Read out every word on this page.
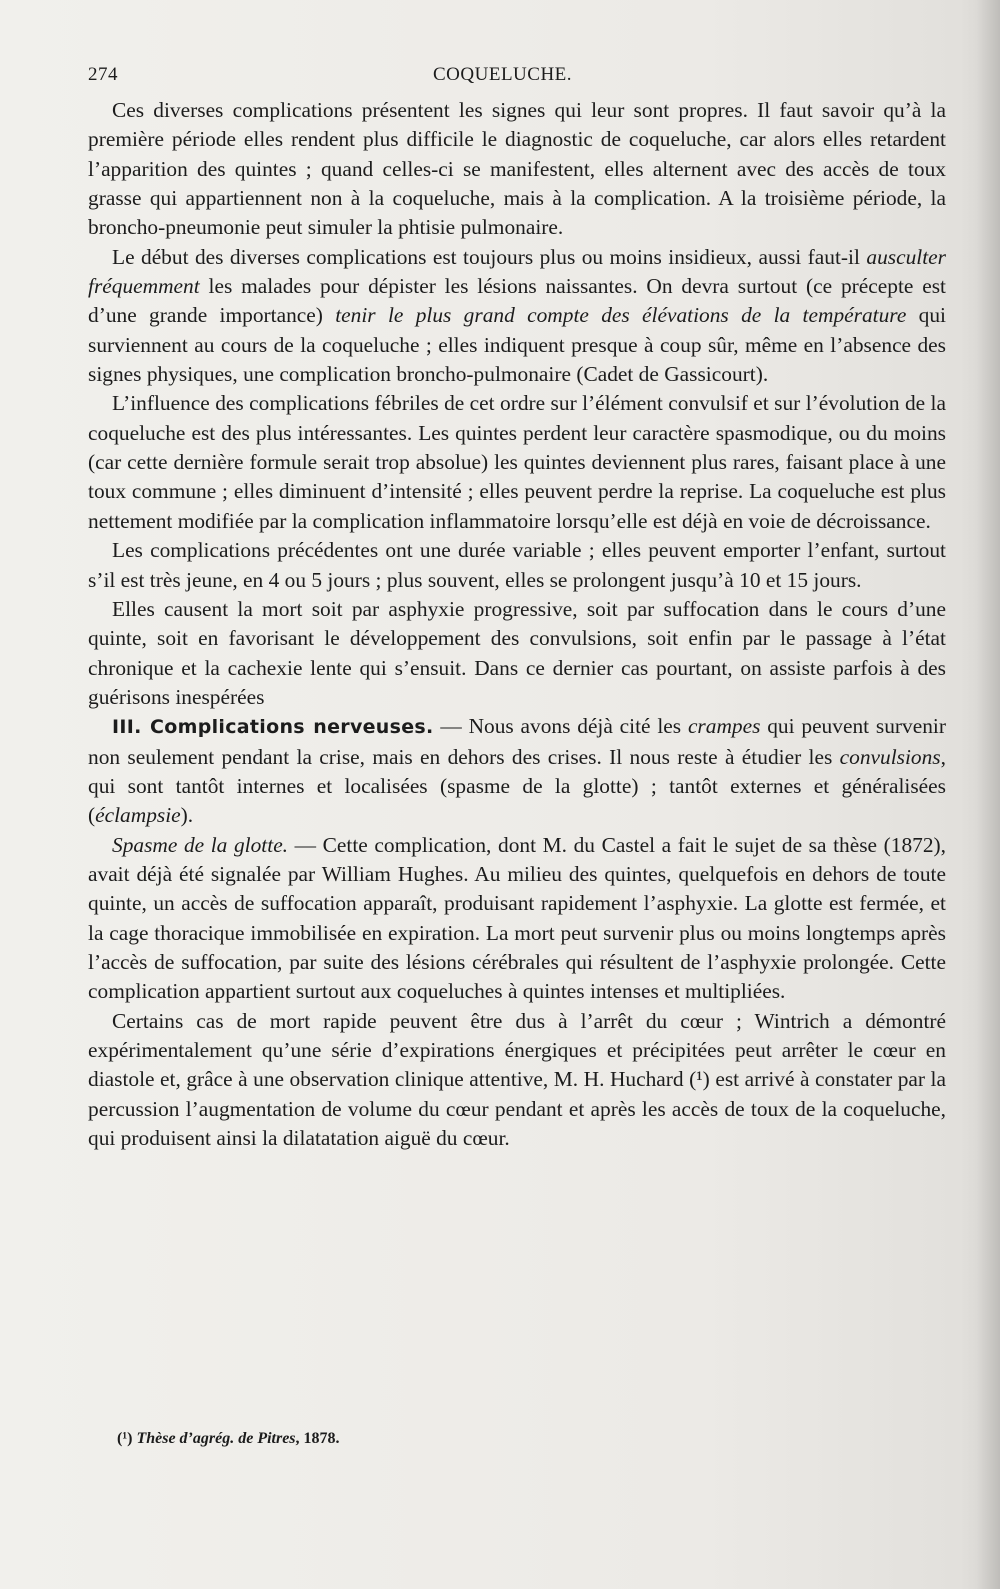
274	COQUELUCHE.

Ces diverses complications présentent les signes qui leur sont propres. Il faut savoir qu’à la première période elles rendent plus difficile le diagnostic de coqueluche, car alors elles retardent l’apparition des quintes ; quand celles-ci se manifestent, elles alternent avec des accès de toux grasse qui appartiennent non à la coqueluche, mais à la complication. A la troisième période, la broncho-pneumonie peut simuler la phtisie pulmonaire.

Le début des diverses complications est toujours plus ou moins insidieux, aussi faut-il ausculter fréquemment les malades pour dépister les lésions naissantes. On devra surtout (ce précepte est d’une grande importance) tenir le plus grand compte des élévations de la température qui surviennent au cours de la coqueluche ; elles indiquent presque à coup sûr, même en l’absence des signes physiques, une complication broncho-pulmonaire (Cadet de Gassicourt).

L’influence des complications fébriles de cet ordre sur l’élément convulsif et sur l’évolution de la coqueluche est des plus intéressantes. Les quintes perdent leur caractère spasmodique, ou du moins (car cette dernière formule serait trop absolue) les quintes deviennent plus rares, faisant place à une toux commune ; elles diminuent d’intensité ; elles peuvent perdre la reprise. La coqueluche est plus nettement modifiée par la complication inflammatoire lorsqu’elle est déjà en voie de décroissance.

Les complications précédentes ont une durée variable ; elles peuvent emporter l’enfant, surtout s’il est très jeune, en 4 ou 5 jours ; plus souvent, elles se prolongent jusqu’à 10 et 15 jours.

Elles causent la mort soit par asphyxie progressive, soit par suffocation dans le cours d’une quinte, soit en favorisant le développement des convulsions, soit enfin par le passage à l’état chronique et la cachexie lente qui s’ensuit. Dans ce dernier cas pourtant, on assiste parfois à des guérisons inespérées

III. Complications nerveuses. — Nous avons déjà cité les crampes qui peuvent survenir non seulement pendant la crise, mais en dehors des crises. Il nous reste à étudier les convulsions, qui sont tantôt internes et localisées (spasme de la glotte) ; tantôt externes et généralisées (éclampsie).

Spasme de la glotte. — Cette complication, dont M. du Castel a fait le sujet de sa thèse (1872), avait déjà été signalée par William Hughes. Au milieu des quintes, quelquefois en dehors de toute quinte, un accès de suffocation apparaît, produisant rapidement l’asphyxie. La glotte est fermée, et la cage thoracique immobilisée en expiration. La mort peut survenir plus ou moins longtemps après l’accès de suffocation, par suite des lésions cérébrales qui résultent de l’asphyxie prolongée. Cette complication appartient surtout aux coqueluches à quintes intenses et multipliées.

Certains cas de mort rapide peuvent être dus à l’arrêt du cœur ; Wintrich a démontré expérimentalement qu’une série d’expirations énergiques et précipitées peut arrêter le cœur en diastole et, grâce à une observation clinique attentive, M. H. Huchard (¹) est arrivé à constater par la percussion l’augmentation de volume du cœur pendant et après les accès de toux de la coqueluche, qui produisent ainsi la dilatatation aiguë du cœur.

(¹) Thèse d’agrég. de Pitres, 1878.
